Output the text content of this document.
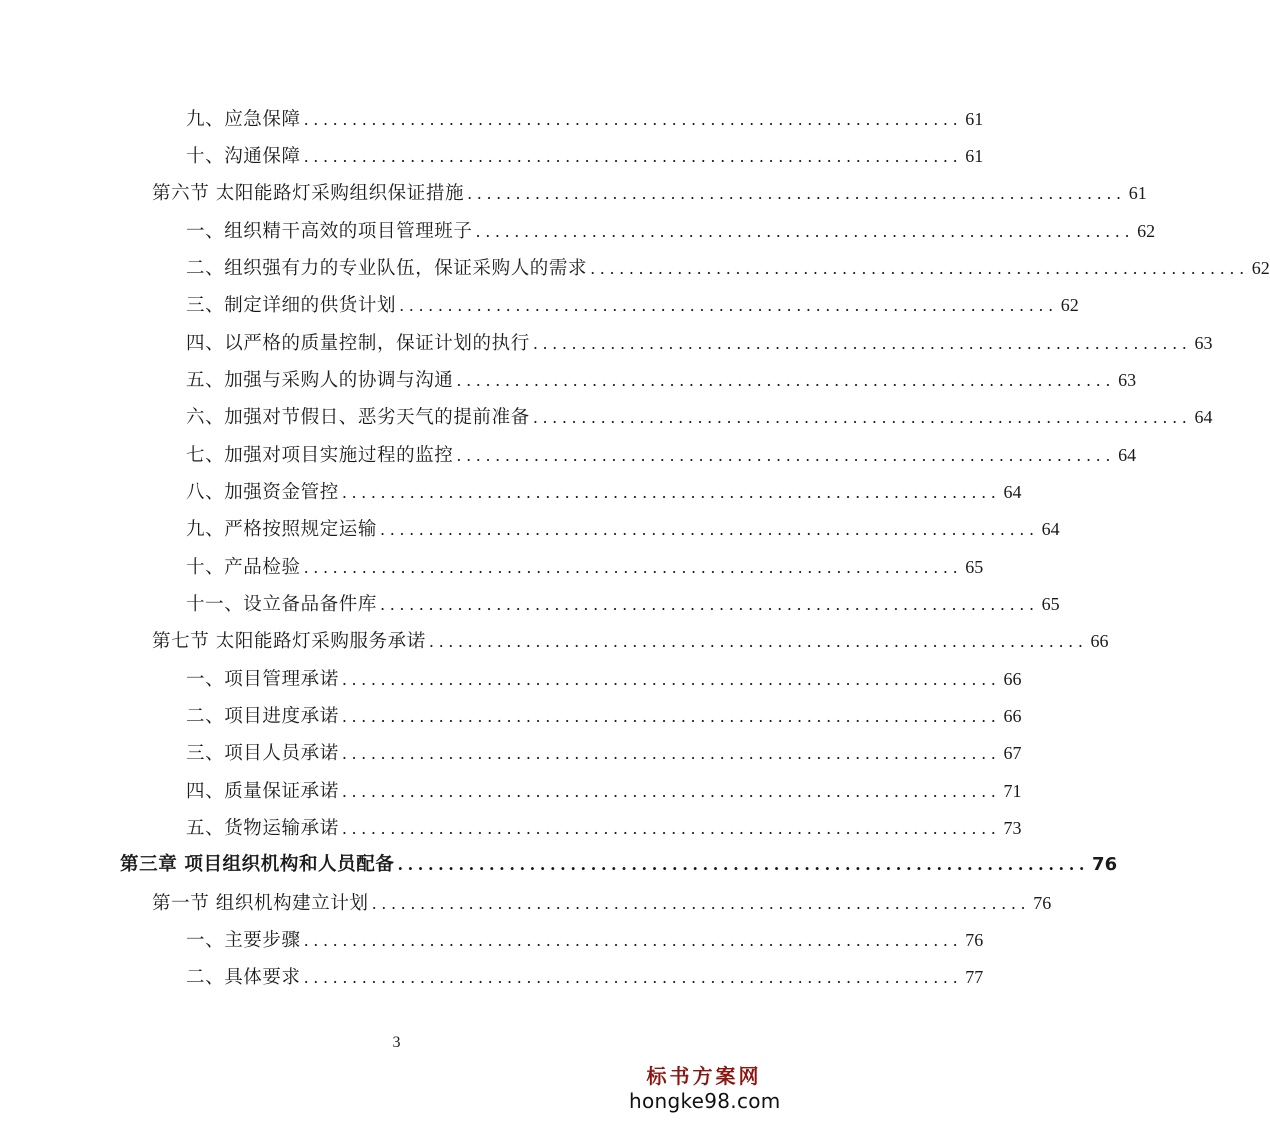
九、应急保障 .................................................................... 61
十、沟通保障 .................................................................... 61
第六节 太阳能路灯采购组织保证措施 .................................................................... 61
一、组织精干高效的项目管理班子 .................................................................... 62
二、组织强有力的专业队伍，保证采购人的需求 .................................................................... 62
三、制定详细的供货计划 .................................................................... 62
四、以严格的质量控制，保证计划的执行 .................................................................... 63
五、加强与采购人的协调与沟通 .................................................................... 63
六、加强对节假日、恶劣天气的提前准备 .................................................................... 64
七、加强对项目实施过程的监控 .................................................................... 64
八、加强资金管控 .................................................................... 64
九、严格按照规定运输 .................................................................... 64
十、产品检验 .................................................................... 65
十一、设立备品备件库 .................................................................... 65
第七节 太阳能路灯采购服务承诺 .................................................................... 66
一、项目管理承诺 .................................................................... 66
二、项目进度承诺 .................................................................... 66
三、项目人员承诺 .................................................................... 67
四、质量保证承诺 .................................................................... 71
五、货物运输承诺 .................................................................... 73
第三章 项目组织机构和人员配备 .................................................................... 76
第一节 组织机构建立计划 .................................................................... 76
一、主要步骤 .................................................................... 76
二、具体要求 .................................................................... 77
3
标书方案网
hongke98.com
